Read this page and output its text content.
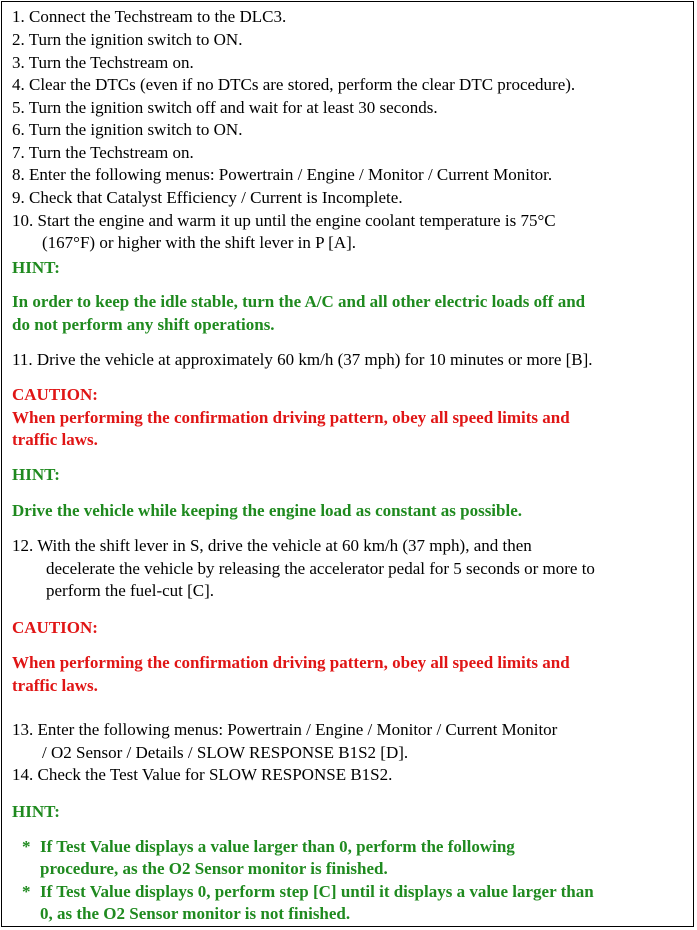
1. Connect the Techstream to the DLC3.
2. Turn the ignition switch to ON.
3. Turn the Techstream on.
4. Clear the DTCs (even if no DTCs are stored, perform the clear DTC procedure).
5. Turn the ignition switch off and wait for at least 30 seconds.
6. Turn the ignition switch to ON.
7. Turn the Techstream on.
8. Enter the following menus: Powertrain / Engine / Monitor / Current Monitor.
9. Check that Catalyst Efficiency / Current is Incomplete.
10. Start the engine and warm it up until the engine coolant temperature is 75°C
(167°F) or higher with the shift lever in P [A].
HINT:
In order to keep the idle stable, turn the A/C and all other electric loads off and
do not perform any shift operations.
11. Drive the vehicle at approximately 60 km/h (37 mph) for 10 minutes or more [B].
CAUTION:
When performing the confirmation driving pattern, obey all speed limits and
traffic laws.
HINT:
Drive the vehicle while keeping the engine load as constant as possible.
12. With the shift lever in S, drive the vehicle at 60 km/h (37 mph), and then
decelerate the vehicle by releasing the accelerator pedal for 5 seconds or more to
perform the fuel-cut [C].
CAUTION:
When performing the confirmation driving pattern, obey all speed limits and
traffic laws.
13. Enter the following menus: Powertrain / Engine / Monitor / Current Monitor
/ O2 Sensor / Details / SLOW RESPONSE B1S2 [D].
14. Check the Test Value for SLOW RESPONSE B1S2.
HINT:
* If Test Value displays a value larger than 0, perform the following
procedure, as the O2 Sensor monitor is finished.
* If Test Value displays 0, perform step [C] until it displays a value larger than
0, as the O2 Sensor monitor is not finished.
